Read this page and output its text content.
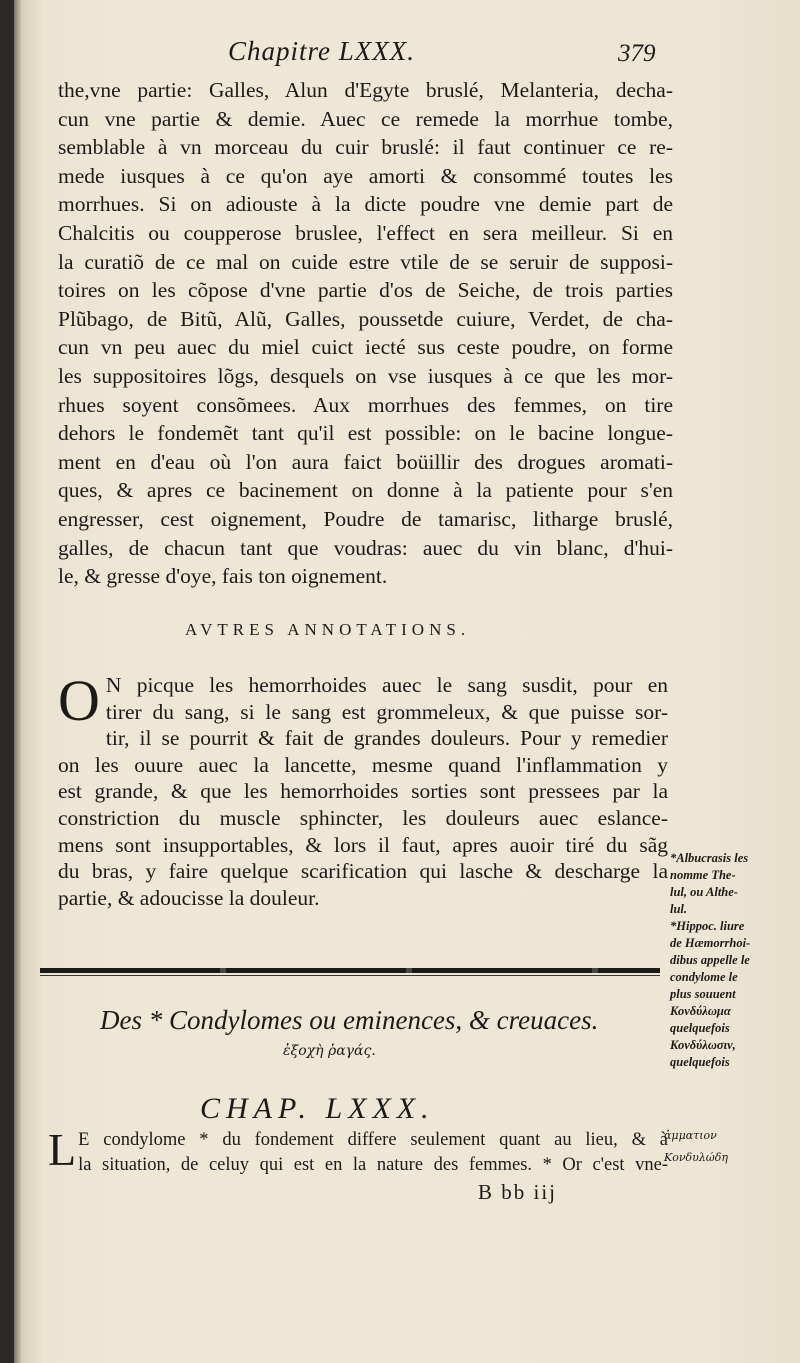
Chapitre LXXX.	379
the,vne partie: Galles, Alun d'Egyte bruslé, Melanteria, decha-
cun vne partie & demie. Auec ce remede la morrhue tombe,
semblable à vn morceau du cuir bruslé: il faut continuer ce re-
mede iusques à ce qu'on aye amorti & consommé toutes les
morrhues. Si on adiouste à la dicte poudre vne demie part de
Chalcitis ou coupperose bruslee, l'effect en sera meilleur. Si en
la curatiõ de ce mal on cuide estre vtile de se seruir de supposi-
toires on les cõpose d'vne partie d'os de Seiche, de trois parties
Plũbago, de Bitũ, Alũ, Galles, poussetde cuiure, Verdet, de cha-
cun vn peu auec du miel cuict iecté sus ceste poudre, on forme
les suppositoires lõgs, desquels on vse iusques à ce que les mor-
rhues soyent consõmees. Aux morrhues des femmes, on tire
dehors le fondemẽt tant qu'il est possible: on le bacine longue-
ment en d'eau où l'on aura faict boüillir des drogues aromati-
ques, & apres ce bacinement on donne à la patiente pour s'en
engresser, cest oignement, Poudre de tamarisc, litharge bruslé,
galles, de chacun tant que voudras: auec du vin blanc, d'hui-
le, & gresse d'oye, fais ton oignement.
AVTRES ANNOTATIONS.
O N picque les hemorrhoides auec le sang susdit, pour en
tirer du sang, si le sang est grommeleux, & que puisse sor-
tir, il se pourrit & fait de grandes douleurs. Pour y remedier
on les ouure auec la lancette, mesme quand l'inflammation y
est grande, & que les hemorrhoides sorties sont pressees par la
constriction du muscle sphincter, les douleurs auec eslance-
mens sont insupportables, & lors il faut, apres auoir tiré du sãg
du bras, y faire quelque scarification qui lasche & descharge la
partie, & adoucisse la douleur.
*Albucrasis les
nomme The-
lul, ou Althe-
lul.
*Hippoc. liure
de Hæmorrhoi-
dibus appelle le
condylome le
plus souuent
Κονδύλωμα
quelquefois
Κονδύλωσιν,
quelquefois
Des * Condylomes ou eminences, & creuaces.
ἐξοχὴ ῥαγάς.
CHAP. LXXX.
L E condylome * du fondement differe seulement quant au lieu, & à
la situation, de celuy qui est en la nature des femmes. * Or c'est vne-
ἀμματιον
Κονδυλώδη
B bb iij
